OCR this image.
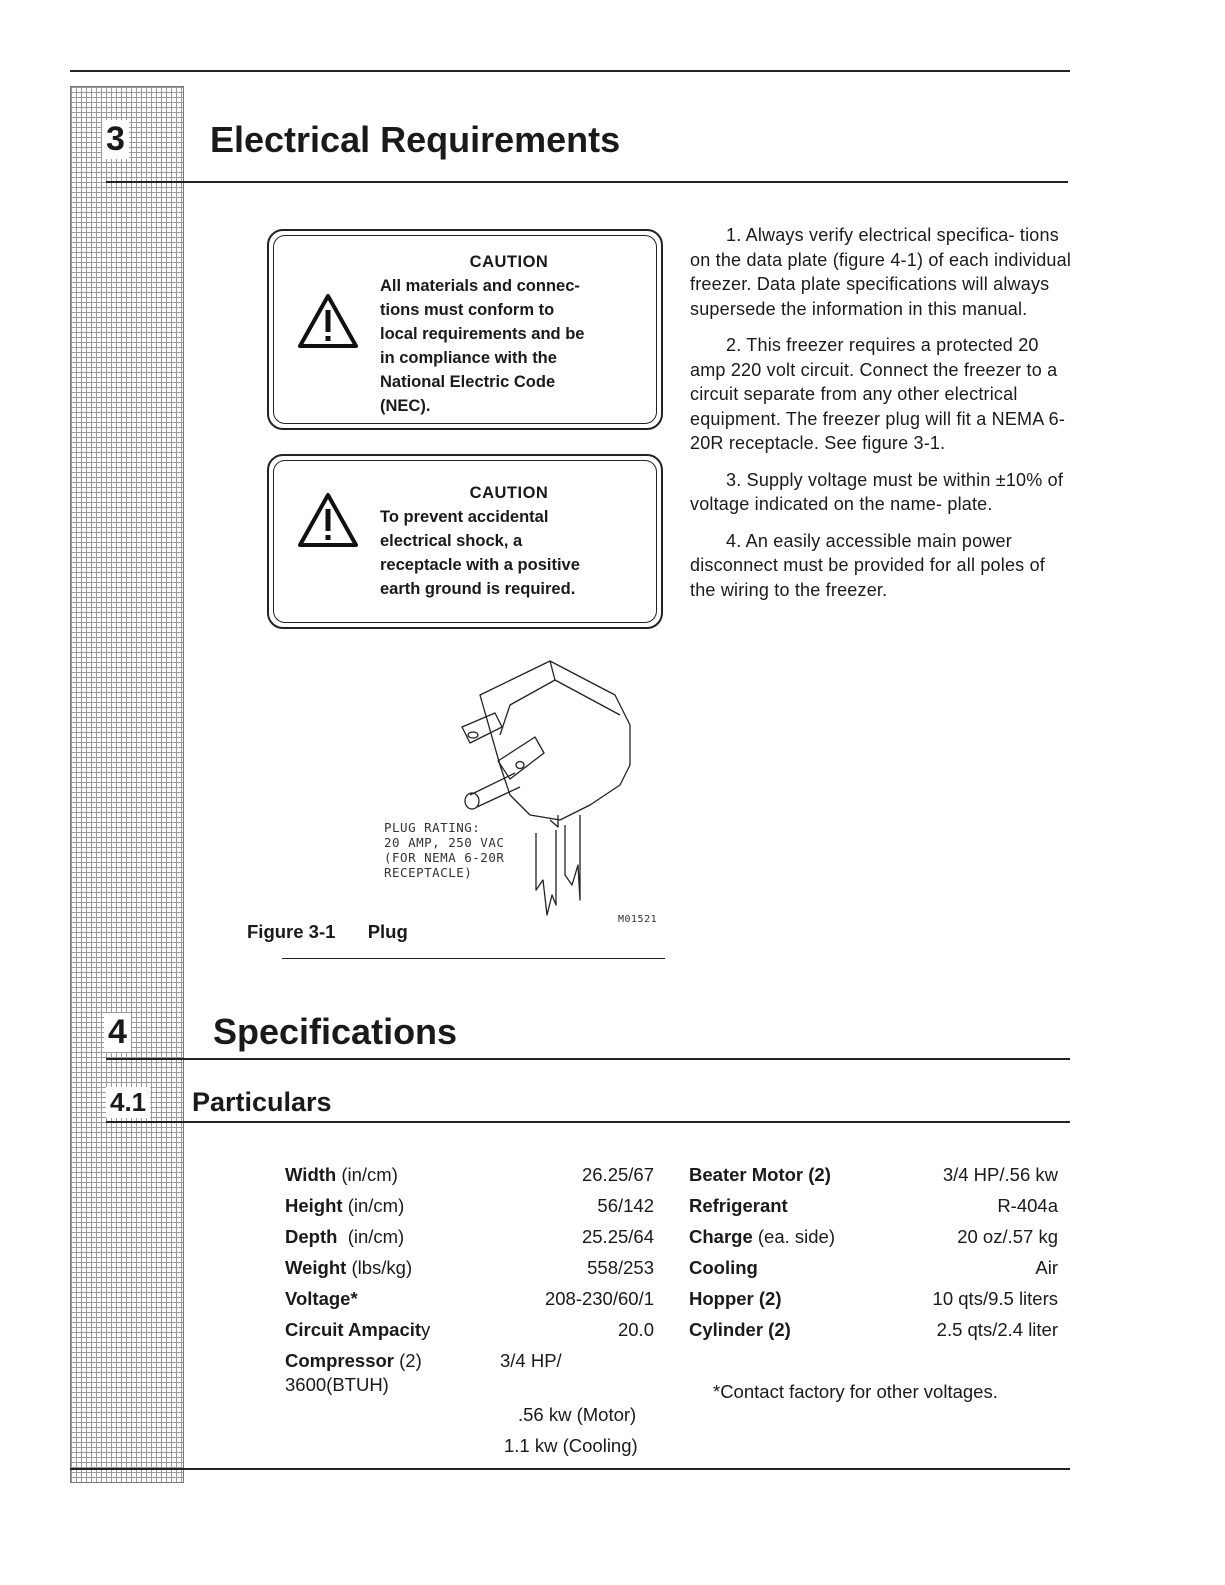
3 Electrical Requirements
CAUTION
All materials and connec-
tions must conform to
local requirements and be
in compliance with the
National Electric Code
(NEC).
CAUTION
To prevent accidental
electrical shock, a
receptacle with a positive
earth ground is required.
PLUG RATING:
20 AMP, 250 VAC
(FOR NEMA 6-20R
RECEPTACLE)
M01521
Figure 3-1 Plug

1. Always verify electrical specifica- tions on the data plate (figure 4-1) of each individual freezer. Data plate specifications will always supersede the information in this manual.

2. This freezer requires a protected 20 amp 220 volt circuit. Connect the freezer to a circuit separate from any other electrical equipment. The freezer plug will fit a NEMA 6-20R receptacle. See figure 3-1.

3. Supply voltage must be within ±10% of voltage indicated on the name- plate.

4. An easily accessible main power disconnect must be provided for all poles of the wiring to the freezer.

4 Specifications
4.1 Particulars
Width (in/cm)	26.25/67
Height (in/cm)	56/142
Depth  (in/cm)	25.25/64
Weight (lbs/kg)	558/253
Voltage*	208-230/60/1
Circuit Ampacity	20.0
Beater Motor (2)	3/4 HP/.56 kw
Refrigerant	R-404a
Charge (ea. side)	20 oz/.57 kg
Cooling	Air
Hopper (2)	10 qts/9.5 liters
Cylinder (2)	2.5 qts/2.4 liter
Compressor (2)	3/4 HP/
3600(BTUH)
.56 kw (Motor)
1.1 kw (Cooling)
*Contact factory for other voltages.
